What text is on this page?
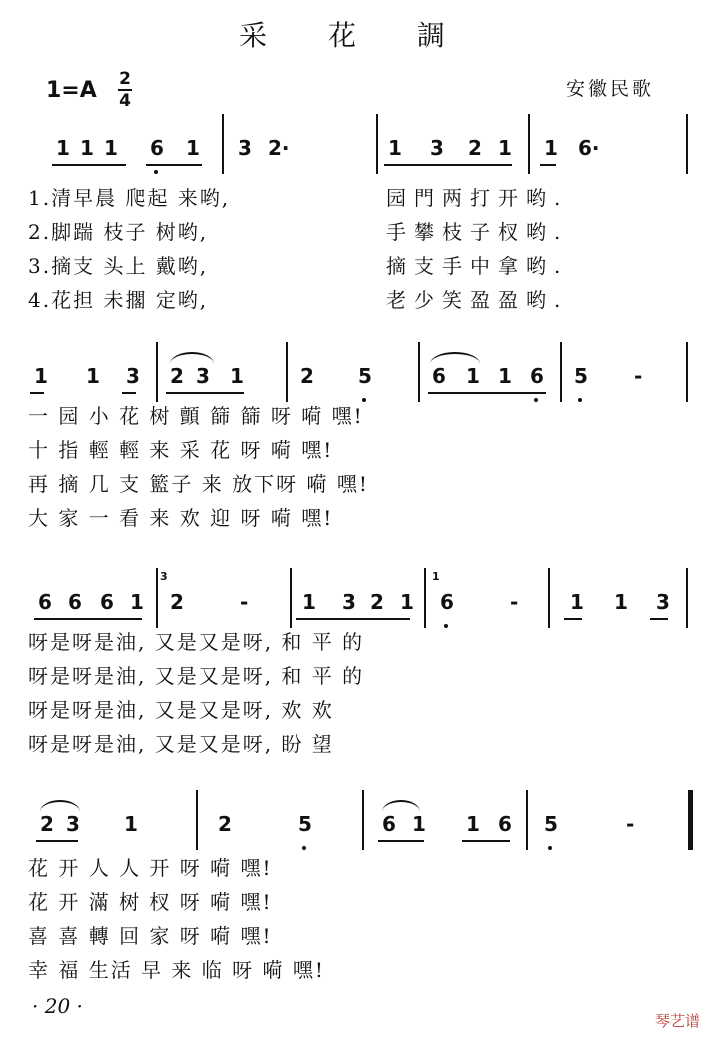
采 花 調
1=A 2
4
安徽民歌
1 1 1 6 1 3 2·	1 3 2 1 1 6·
1.清早晨 爬起 来哟,
2.脚踹 枝子 树哟,
3.摘支 头上 戴哟,
4.花担 未擱 定哟,
园門两打开哟.
手攀枝子杈哟.
摘支手中拿哟.
老少笑盈盈哟.
1 1 3 2 3 1	2 5	6 1 1 6 5 -
一 园 小 花 树 顫 篩 篩 呀 嗬 嘿!
十 指 輕 輕 来 采 花 呀 嗬 嘿!
再 摘 几 支 籃子 来 放下呀 嗬 嘿!
大 家 一 看 来 欢 迎 呀 嗬 嘿!
6 6 6 1 2	-	1 3 2 1 6	-	1 1 3
3	1
呀是呀是油, 又是又是呀, 和 平 的
呀是呀是油, 又是又是呀, 和 平 的
呀是呀是油, 又是又是呀, 欢 欢
呀是呀是油, 又是又是呀, 盼 望
2 3 1	2	5	6 1 1 6 5	-
花 开 人 人 开 呀 嗬 嘿!
花 开 滿 树 杈 呀 嗬 嘿!
喜 喜 轉 回 家 呀 嗬 嘿!
幸 福 生活 早 来 临 呀 嗬 嘿!
· 20 ·
琴艺谱
